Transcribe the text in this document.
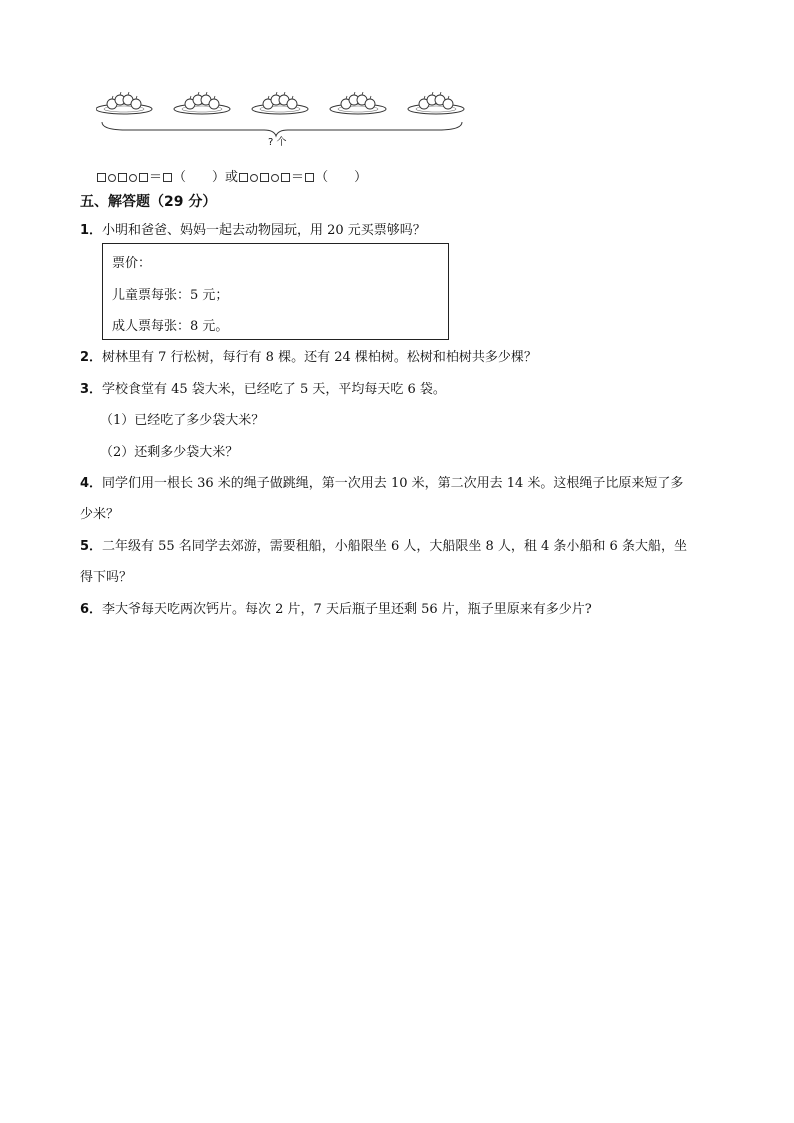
? 个
＝ （　　）或	＝ （　　）
五、解答题（29 分）
1．小明和爸爸、妈妈一起去动物园玩，用 20 元买票够吗？
票价：
儿童票每张：5 元；
成人票每张：8 元。
2．树林里有 7 行松树，每行有 8 棵。还有 24 棵柏树。松树和柏树共多少棵？
3．学校食堂有 45 袋大米，已经吃了 5 天，平均每天吃 6 袋。
（1）已经吃了多少袋大米？
（2）还剩多少袋大米？
4．同学们用一根长 36 米的绳子做跳绳，第一次用去 10 米，第二次用去 14 米。这根绳子比原来短了多
少米？
5．二年级有 55 名同学去郊游，需要租船，小船限坐 6 人，大船限坐 8 人，租 4 条小船和 6 条大船，坐
得下吗？
6．李大爷每天吃两次钙片。每次 2 片，7 天后瓶子里还剩 56 片，瓶子里原来有多少片?
